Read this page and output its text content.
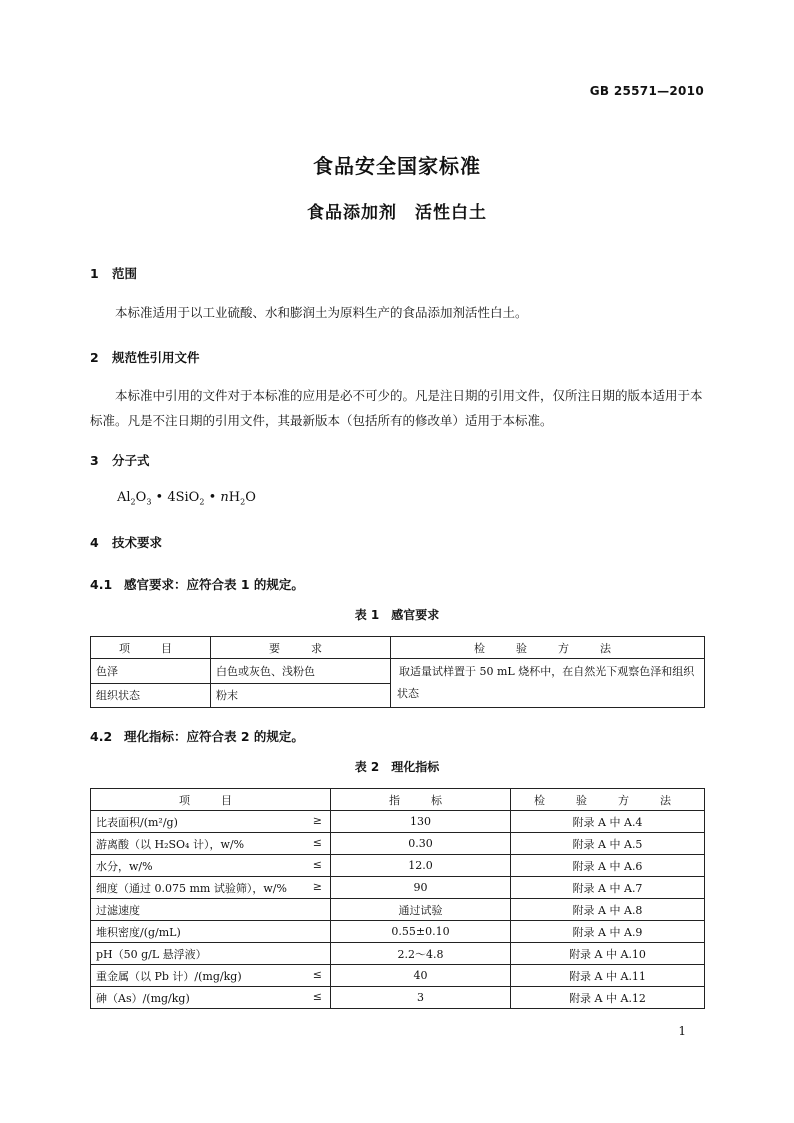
GB 25571—2010
食品安全国家标准
食品添加剂　活性白土
1 范围
本标准适用于以工业硫酸、水和膨润土为原料生产的食品添加剂活性白土。
2 规范性引用文件
本标准中引用的文件对于本标准的应用是必不可少的。凡是注日期的引用文件，仅所注日期的版本适用于本标准。凡是不注日期的引用文件，其最新版本（包括所有的修改单）适用于本标准。
3 分子式
$Al_2O_3$ • 4SiO$_2$ • $nH_2O$
4 技术要求
4.1 感官要求：应符合表 1 的规定。
表 1　感官要求
项　目	要　求	检　验　方　法
色泽	白色或灰色、浅粉色	取适量试样置于 50 mL 烧杯中，在自然光下观察色泽和组织状态
组织状态	粉末	
4.2 理化指标：应符合表 2 的规定。
表 2　理化指标
项　目	指　标	检　验　方　法
比表面积/(m²/g) ≥	130	附录 A 中 A.4
游离酸（以 H₂SO₄ 计），w/% ≤	0.30	附录 A 中 A.5
水分，w/% ≤	12.0	附录 A 中 A.6
细度（通过 0.075 mm 试验筛），w/% ≥	90	附录 A 中 A.7
过滤速度	通过试验	附录 A 中 A.8
堆积密度/(g/mL)	0.55±0.10	附录 A 中 A.9
pH（50 g/L 悬浮液）	2.2～4.8	附录 A 中 A.10
重金属（以 Pb 计）/(mg/kg) ≤	40	附录 A 中 A.11
砷（As）/(mg/kg) ≤	3	附录 A 中 A.12
1
